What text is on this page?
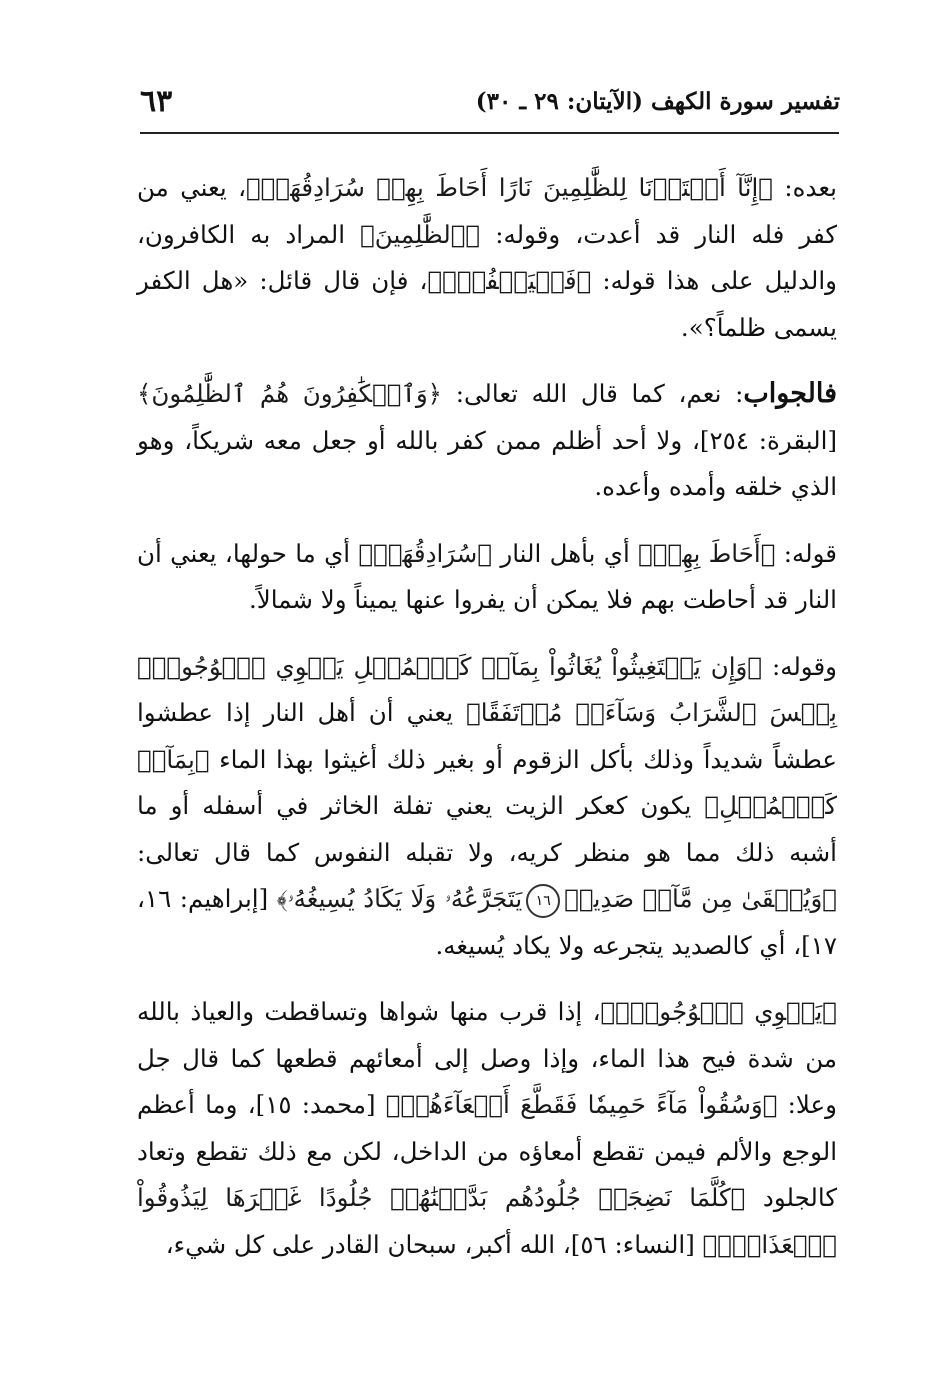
تفسير سورة الكهف (الآيتان: ٢٩ ـ ٣٠)
٦٣

بعده: ﴿إِنَّآ أَعۡتَدۡنَا لِلظَّٰلِمِينَ نَارًا أَحَاطَ بِهِمۡ سُرَادِقُهَاۚ﴾، يعني من كفر فله النار قد أعدت، وقوله: ﴿ٱلظَّٰلِمِينَ﴾ المراد به الكافرون، والدليل على هذا قوله: ﴿فَلۡيَكۡفُرۡۚ﴾، فإن قال قائل: «هل الكفر يسمى ظلماً؟».

فالجواب: نعم، كما قال الله تعالى: ﴿وَٱلۡكَٰفِرُونَ هُمُ ٱلظَّٰلِمُونَ﴾ [البقرة: ٢٥٤]، ولا أحد أظلم ممن كفر بالله أو جعل معه شريكاً، وهو الذي خلقه وأمده وأعده.

قوله: ﴿أَحَاطَ بِهِمۡ﴾ أي بأهل النار ﴿سُرَادِقُهَاۚ﴾ أي ما حولها، يعني أن النار قد أحاطت بهم فلا يمكن أن يفروا عنها يميناً ولا شمالاً.

وقوله: ﴿وَإِن يَسۡتَغِيثُواْ يُغَاثُواْ بِمَآءٖ كَٱلۡمُهۡلِ يَشۡوِي ٱلۡوُجُوهَۚ بِئۡسَ ٱلشَّرَابُ وَسَآءَتۡ مُرۡتَفَقًا﴾ يعني أن أهل النار إذا عطشوا عطشاً شديداً وذلك بأكل الزقوم أو بغير ذلك أغيثوا بهذا الماء ﴿بِمَآءٖ كَٱلۡمُهۡلِ﴾ يكون كعكر الزيت يعني تفلة الخاثر في أسفله أو ما أشبه ذلك مما هو منظر كريه، ولا تقبله النفوس كما قال تعالى: ﴿وَيُسۡقَىٰ مِن مَّآءٖ صَدِيدٖ١٦يَتَجَرَّعُهُۥ وَلَا يَكَادُ يُسِيغُهُۥ﴾ [إبراهيم: ١٦، ١٧]، أي كالصديد يتجرعه ولا يكاد يُسيغه.

﴿يَشۡوِي ٱلۡوُجُوهَۚ﴾، إذا قرب منها شواها وتساقطت والعياذ بالله من شدة فيح هذا الماء، وإذا وصل إلى أمعائهم قطعها كما قال جل وعلا: ﴿وَسُقُواْ مَآءً حَمِيمٗا فَقَطَّعَ أَمۡعَآءَهُمۡ﴾ [محمد: ١٥]، وما أعظم الوجع والألم فيمن تقطع أمعاؤه من الداخل، لكن مع ذلك تقطع وتعاد كالجلود ﴿كُلَّمَا نَضِجَتۡ جُلُودُهُم بَدَّلۡنَٰهُمۡ جُلُودًا غَيۡرَهَا لِيَذُوقُواْ ٱلۡعَذَابَۗ﴾ [النساء: ٥٦]، الله أكبر، سبحان القادر على كل شيء،
